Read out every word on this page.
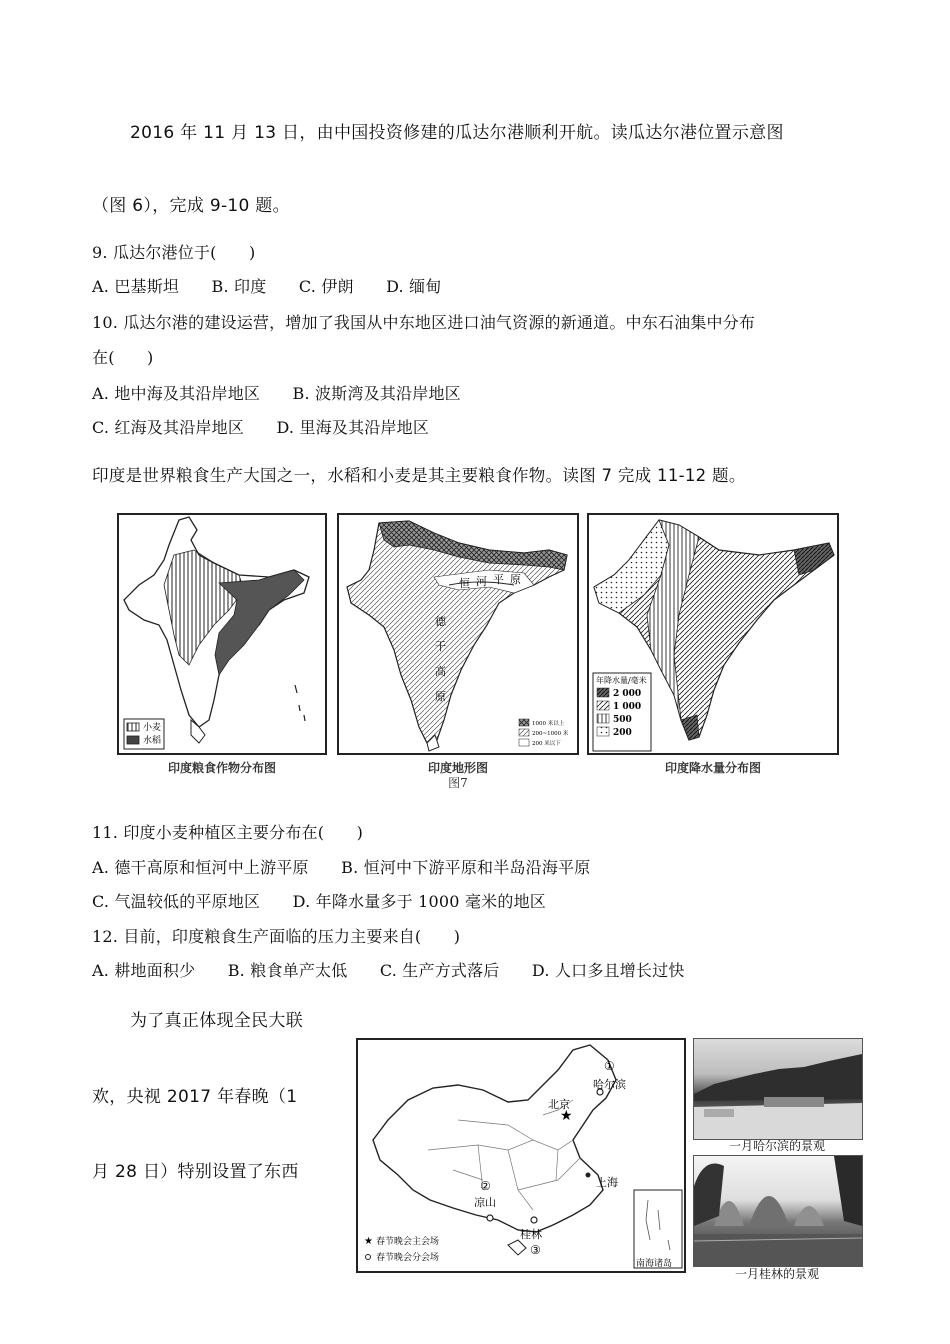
2016 年 11 月 13 日，由中国投资修建的瓜达尔港顺利开航。读瓜达尔港位置示意图
（图 6），完成 9-10 题。
9. 瓜达尔港位于(　　)
A. 巴基斯坦　　B. 印度　　C. 伊朗　　D. 缅甸
10. 瓜达尔港的建设运营，增加了我国从中东地区进口油气资源的新通道。中东石油集中分布
在(　　)
A. 地中海及其沿岸地区　　B. 波斯湾及其沿岸地区
C. 红海及其沿岸地区　　D. 里海及其沿岸地区
印度是世界粮食生产大国之一，水稻和小麦是其主要粮食作物。读图 7 完成 11-12 题。
小麦
水稻
印度粮食作物分布图
恒 河 平 原
德
干
高
原
1000 米以上
200~1000 米
200 米以下
印度地形图
图7
年降水量/毫米
2 000
1 000
500
200
印度降水量分布图
11. 印度小麦种植区主要分布在(　　)
A. 德干高原和恒河中上游平原　　B. 恒河中下游平原和半岛沿海平原
C. 气温较低的平原地区　　D. 年降水量多于 1000 毫米的地区
12. 目前，印度粮食生产面临的压力主要来自(　　)
A. 耕地面积少　　B. 粮食单产太低　　C. 生产方式落后　　D. 人口多且增长过快
为了真正体现全民大联
欢，央视 2017 年春晚（1
月 28 日）特别设置了东西
★
①
哈尔滨
北京
上海
②
凉山
桂林
③
★ 春节晚会主会场
春节晚会分会场
南海诸岛
一月哈尔滨的景观
一月桂林的景观
